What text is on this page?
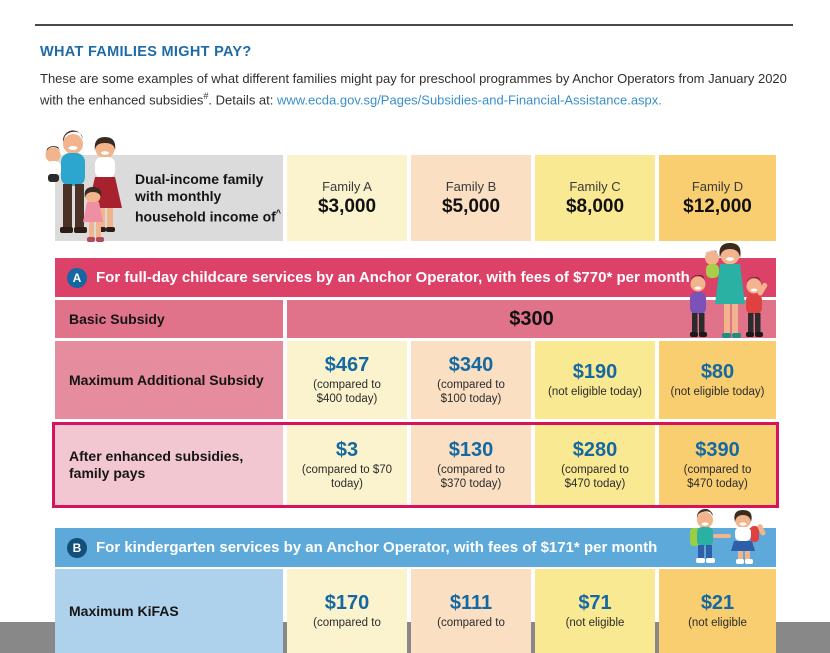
WHAT FAMILIES MIGHT PAY?
These are some examples of what different families might pay for preschool programmes by Anchor Operators from January 2020 with the enhanced subsidies#. Details at: www.ecda.gov.sg/Pages/Subsidies-and-Financial-Assistance.aspx.
Dual-income family
with monthly
household income of^
Family A
$3,000
Family B
$5,000
Family C
$8,000
Family D
$12,000
A For full-day childcare services by an Anchor Operator, with fees of $770* per month
Basic Subsidy	$300
Maximum Additional Subsidy
$467
(compared to $400 today)
$340
(compared to $100 today)
$190
(not eligible today)
$80
(not eligible today)
After enhanced subsidies, family pays
$3
(compared to $70 today)
$130
(compared to $370 today)
$280
(compared to $470 today)
$390
(compared to $470 today)
B For kindergarten services by an Anchor Operator, with fees of $171* per month
Maximum KiFAS	$170
(compared to
$111
(compared to
$71
(not eligible
$21
(not eligible
